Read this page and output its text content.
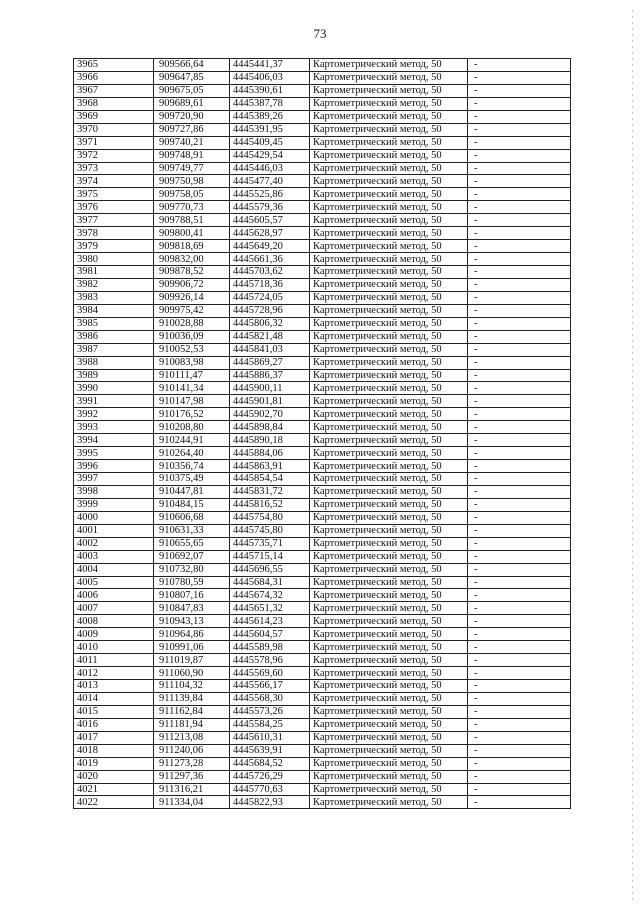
73
3965	909566,64	4445441,37	Картометрический метод, 50	-
3966	909647,85	4445406,03	Картометрический метод, 50	-
3967	909675,05	4445390,61	Картометрический метод, 50	-
3968	909689,61	4445387,78	Картометрический метод, 50	-
3969	909720,90	4445389,26	Картометрический метод, 50	-
3970	909727,86	4445391,95	Картометрический метод, 50	-
3971	909740,21	4445409,45	Картометрический метод, 50	-
3972	909748,91	4445429,54	Картометрический метод, 50	-
3973	909749,77	4445446,03	Картометрический метод, 50	-
3974	909750,98	4445477,40	Картометрический метод, 50	-
3975	909758,05	4445525,86	Картометрический метод, 50	-
3976	909770,73	4445579,36	Картометрический метод, 50	-
3977	909788,51	4445605,57	Картометрический метод, 50	-
3978	909800,41	4445628,97	Картометрический метод, 50	-
3979	909818,69	4445649,20	Картометрический метод, 50	-
3980	909832,00	4445661,36	Картометрический метод, 50	-
3981	909878,52	4445703,62	Картометрический метод, 50	-
3982	909906,72	4445718,36	Картометрический метод, 50	-
3983	909926,14	4445724,05	Картометрический метод, 50	-
3984	909975,42	4445728,96	Картометрический метод, 50	-
3985	910028,88	4445806,32	Картометрический метод, 50	-
3986	910036,09	4445821,48	Картометрический метод, 50	-
3987	910052,53	4445841,03	Картометрический метод, 50	-
3988	910083,98	4445869,27	Картометрический метод, 50	-
3989	910111,47	4445886,37	Картометрический метод, 50	-
3990	910141,34	4445900,11	Картометрический метод, 50	-
3991	910147,98	4445901,81	Картометрический метод, 50	-
3992	910176,52	4445902,70	Картометрический метод, 50	-
3993	910208,80	4445898,84	Картометрический метод, 50	-
3994	910244,91	4445890,18	Картометрический метод, 50	-
3995	910264,40	4445884,06	Картометрический метод, 50	-
3996	910356,74	4445863,91	Картометрический метод, 50	-
3997	910375,49	4445854,54	Картометрический метод, 50	-
3998	910447,81	4445831,72	Картометрический метод, 50	-
3999	910484,15	4445816,52	Картометрический метод, 50	-
4000	910606,68	4445754,80	Картометрический метод, 50	-
4001	910631,33	4445745,80	Картометрический метод, 50	-
4002	910655,65	4445735,71	Картометрический метод, 50	-
4003	910692,07	4445715,14	Картометрический метод, 50	-
4004	910732,80	4445696,55	Картометрический метод, 50	-
4005	910780,59	4445684,31	Картометрический метод, 50	-
4006	910807,16	4445674,32	Картометрический метод, 50	-
4007	910847,83	4445651,32	Картометрический метод, 50	-
4008	910943,13	4445614,23	Картометрический метод, 50	-
4009	910964,86	4445604,57	Картометрический метод, 50	-
4010	910991,06	4445589,98	Картометрический метод, 50	-
4011	911019,87	4445578,96	Картометрический метод, 50	-
4012	911060,90	4445569,60	Картометрический метод, 50	-
4013	911104,32	4445566,17	Картометрический метод, 50	-
4014	911139,84	4445568,30	Картометрический метод, 50	-
4015	911162,84	4445573,26	Картометрический метод, 50	-
4016	911181,94	4445584,25	Картометрический метод, 50	-
4017	911213,08	4445610,31	Картометрический метод, 50	-
4018	911240,06	4445639,91	Картометрический метод, 50	-
4019	911273,28	4445684,52	Картометрический метод, 50	-
4020	911297,36	4445726,29	Картометрический метод, 50	-
4021	911316,21	4445770,63	Картометрический метод, 50	-
4022	911334,04	4445822,93	Картометрический метод, 50	-
